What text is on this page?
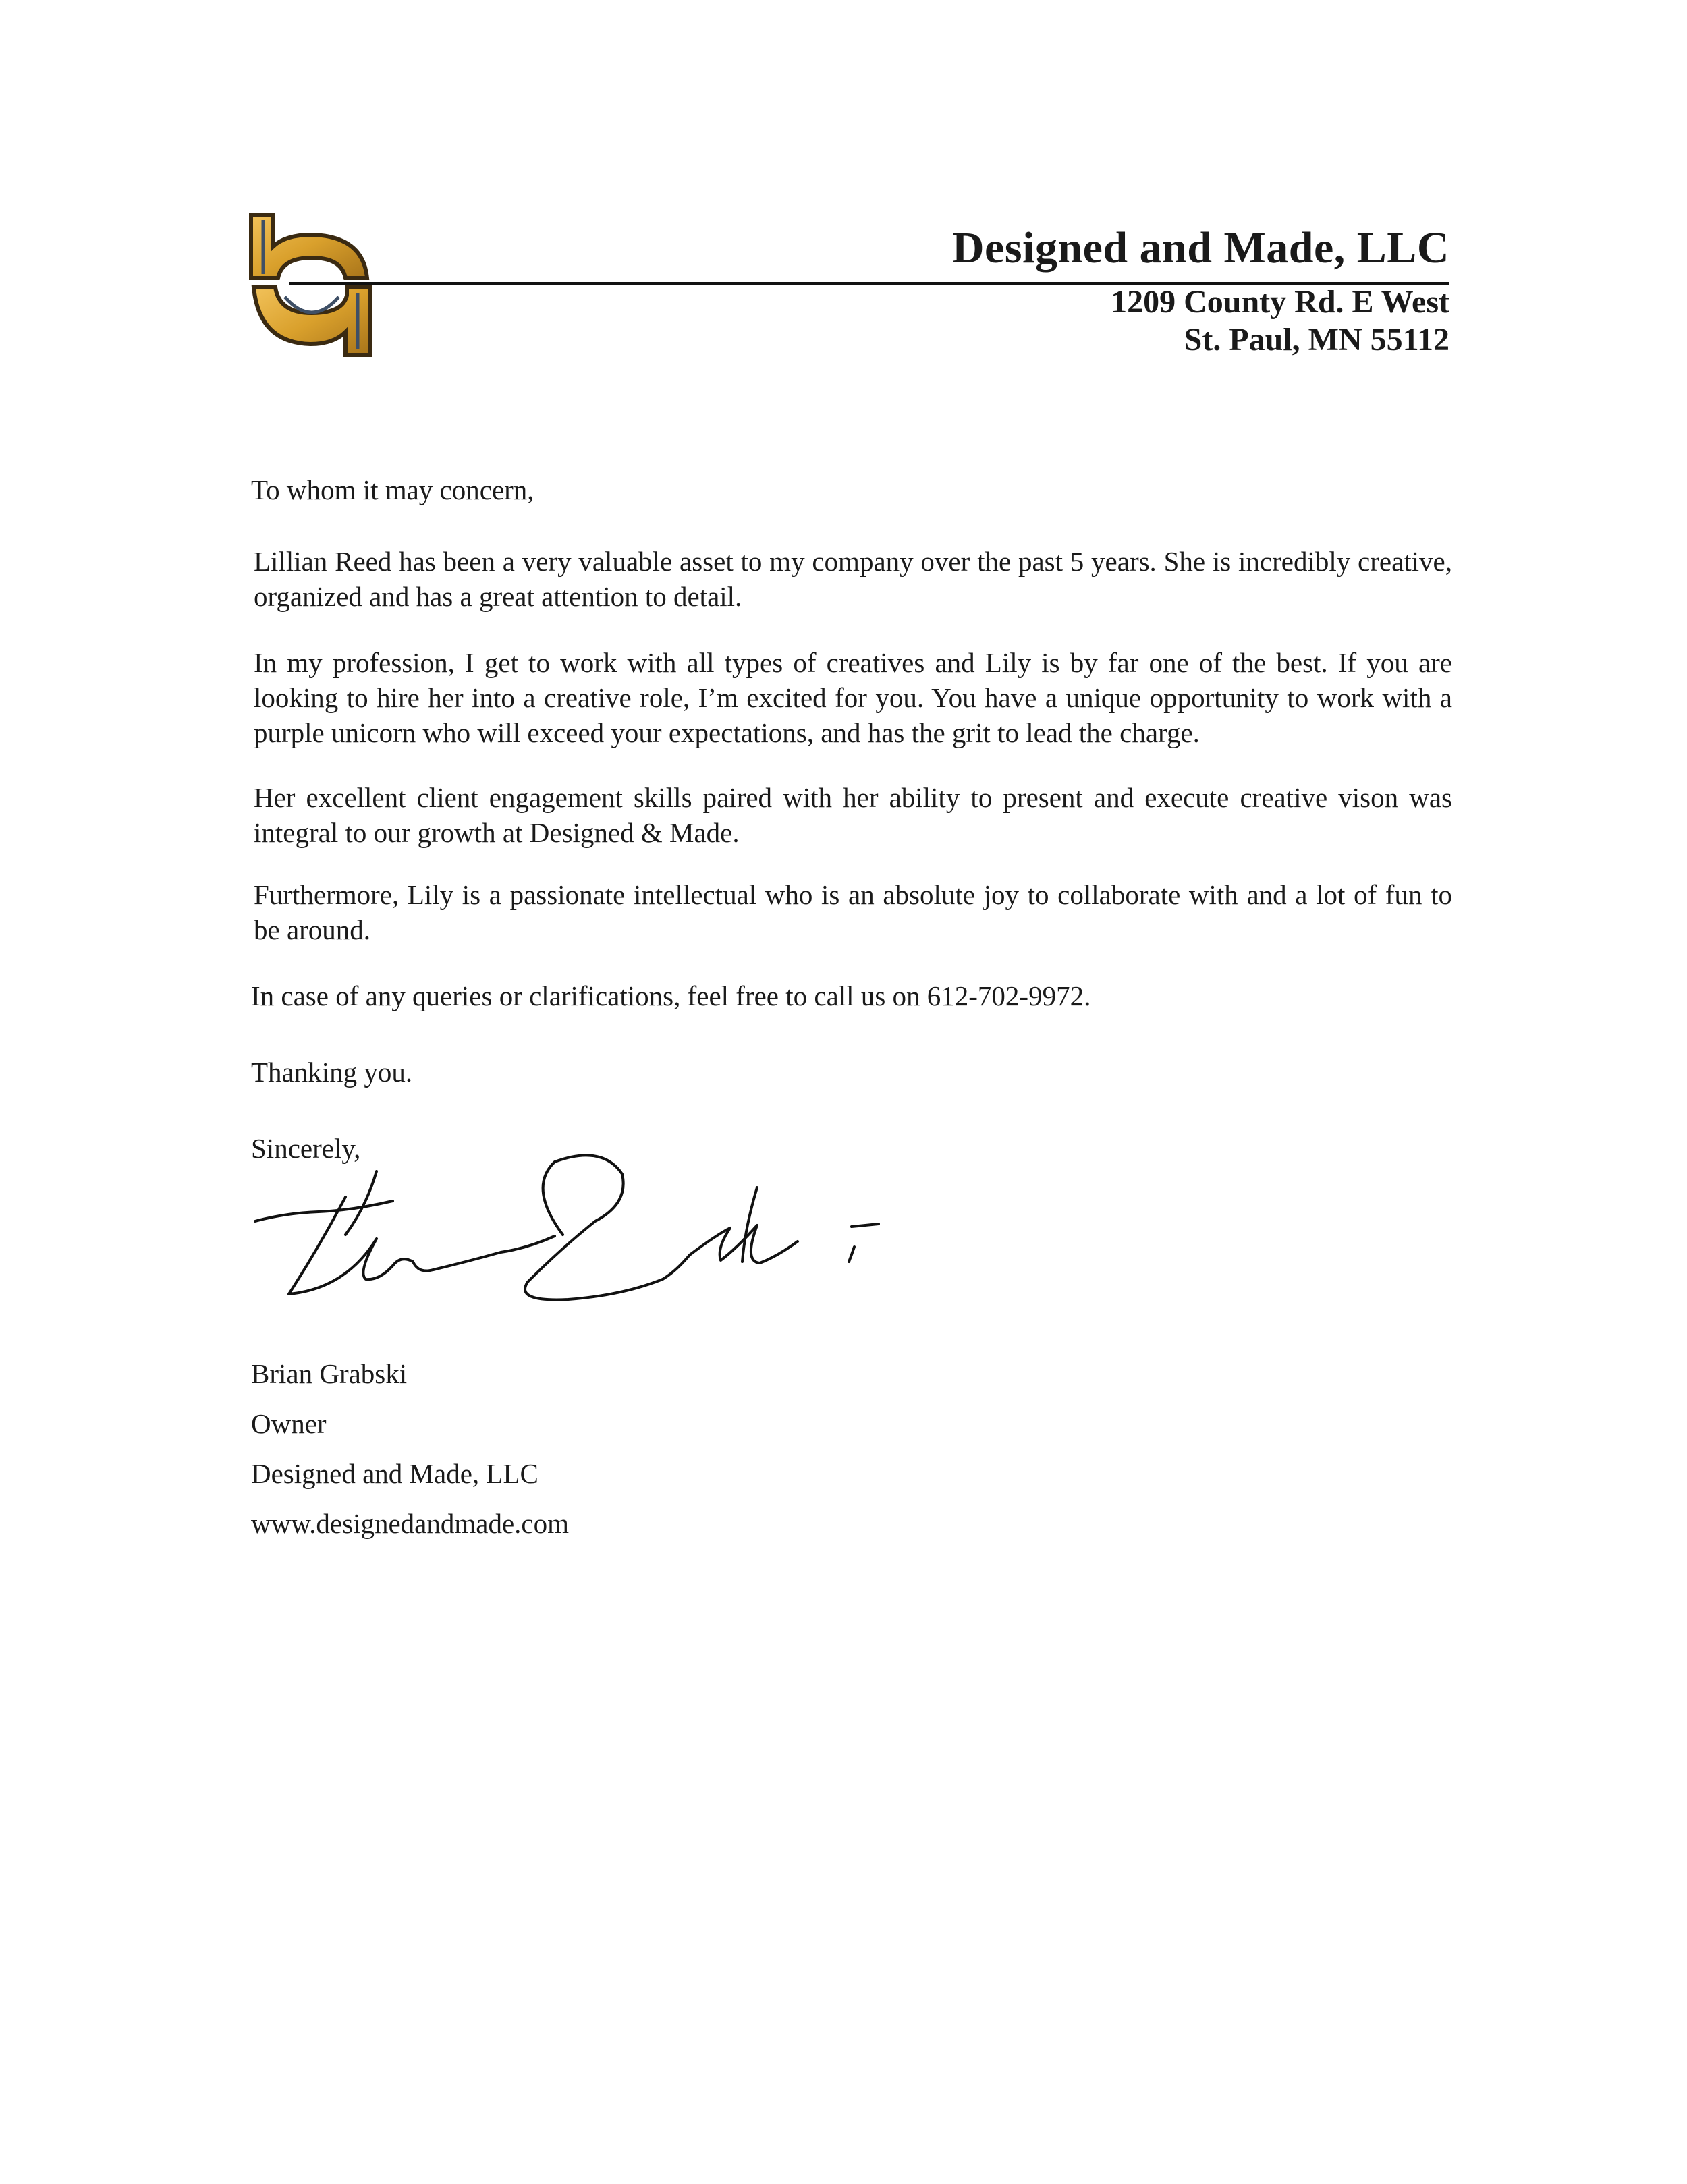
Designed and Made, LLC
1209 County Rd. E West
St. Paul, MN 55112

To whom it may concern,

Lillian Reed has been a very valuable asset to my company over the past 5 years. She is incredibly creative, organized and has a great attention to detail.

In my profession, I get to work with all types of creatives and Lily is by far one of the best. If you are looking to hire her into a creative role, I’m excited for you. You have a unique opportunity to work with a purple unicorn who will exceed your expectations, and has the grit to lead the charge.

Her excellent client engagement skills paired with her ability to present and execute creative vison was integral to our growth at Designed & Made.

Furthermore, Lily is a passionate intellectual who is an absolute joy to collaborate with and a lot of fun to be around.

In case of any queries or clarifications, feel free to call us on 612-702-9972.

Thanking you.

Sincerely,

Brian Grabski

Owner

Designed and Made, LLC

www.designedandmade.com
